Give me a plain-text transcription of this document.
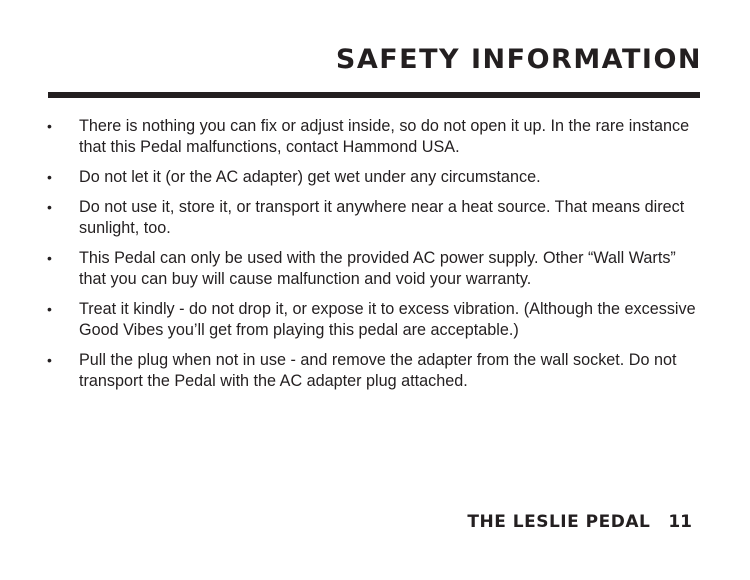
SAFETY INFORMATION
•	There is nothing you can fix or adjust inside, so do not open it up. In the rare instance that this Pedal malfunctions, contact Hammond USA.
•	Do not let it (or the AC adapter) get wet under any circumstance.
•	Do not use it, store it, or transport it anywhere near a heat source. That means direct sunlight, too.
•	This Pedal can only be used with the provided AC power supply. Other “Wall Warts” that you can buy will cause malfunction and void your warranty.
•	Treat it kindly - do not drop it, or expose it to excess vibration. (Although the excessive Good Vibes you’ll get from playing this pedal are acceptable.)
•	Pull the plug when not in use - and remove the adapter from the wall socket. Do not transport the Pedal with the AC adapter plug attached.
THE LESLIE PEDAL 11
